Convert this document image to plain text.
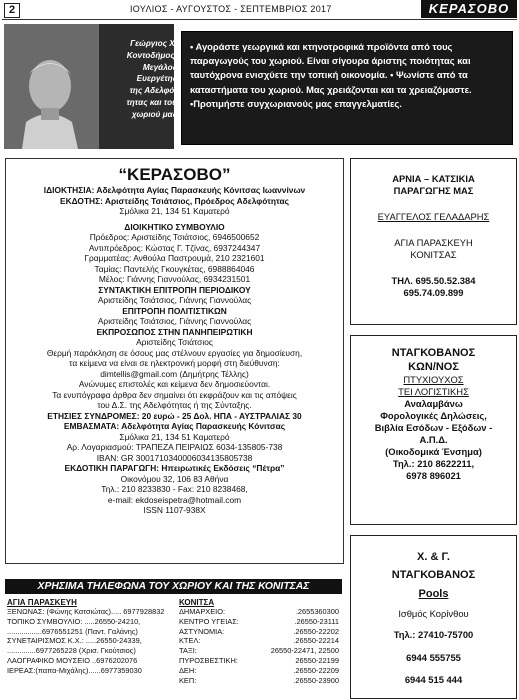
2	ΙΟΥΛΙΟΣ - ΑΥΓΟΥΣΤΟΣ - ΣΕΠΤΕΜΒΡΙΟΣ 2017	ΚΕΡΑΣΟΒΟ
Γεώργιος Χ.
Κοντοδήμος,
Μεγάλος
Ευεργέτης
της Αδελφό-
τητας και του
χωριού μας

• Αγοράστε γεωργικά και κτηνοτροφικά προϊόντα από τους παραγωγούς του χωριού. Είναι σίγουρα άριστης ποιότητας και ταυτόχρονα ενισχύετε την τοπική οικονομία. • Ψωνίστε από τα καταστήματα του χωριού. Μας χρειάζονται και τα χρειαζόμαστε. •Προτιμήστε συγχωριανούς μας επαγγελματίες.

“ΚΕΡΑΣΟΒΟ”
ΙΔΙΟΚΤΗΣΙΑ: Αδελφότητα Αγίας Παρασκευής Κόνιτσας Ιωαννίνων
ΕΚΔΟΤΗΣ: Αριστείδης Τσιάτσιος, Πρόεδρος Αδελφότητας
Σμόλικα 21, 134 51 Καματερό
ΔΙΟΙΚΗΤΙΚΟ ΣΥΜΒΟΥΛΙΟ
Πρόεδρος: Αριστείδης Τσιάτσιος, 6946500652
Αντιπρόεδρος: Κώστας Γ. Τζίνας, 6937244347
Γραμματέας: Ανθούλα Παστρουμά, 210 2321601
Ταμίας: Παντελής Γκουγκέτας, 6988864046
Μέλος: Γιάννης Γιαννούλας, 6934231501
ΣΥΝΤΑΚΤΙΚΗ ΕΠΙΤΡΟΠΗ ΠΕΡΙΟΔΙΚΟΥ
Αριστείδης Τσιάτσιος, Γιάννης Γιαννούλας
ΕΠΙΤΡΟΠΗ ΠΟΛΙΤΙΣΤΙΚΩΝ
Αριστείδης Τσιάτσιος, Γιάννης Γιαννούλας
ΕΚΠΡΟΣΩΠΟΣ ΣΤΗΝ ΠΑΝΗΠΕΙΡΩΤΙΚΗ
Αριστείδης Τσιάτσιος
Θερμή παράκληση σε όσους μας στέλνουν εργασίες για δημοσίευση,
τα κείμενα να είναι σε ηλεκτρονική μορφή στη διεύθυνση:
dimtellis@gmail.com (Δημήτρης Τέλλης)
Ανώνυμες επιστολές και κείμενα δεν δημοσιεύονται.
Τα ενυπόγραφα άρθρα δεν σημαίνει ότι εκφράζουν και τις απόψεις
του Δ.Σ. της Αδελφότητας ή της Σύνταξης.
ΕΤΗΣΙΕΣ ΣΥΝΔΡΟΜΕΣ: 20 ευρώ - 25 Δολ. ΗΠΑ - ΑΥΣΤΡΑΛΙΑΣ 30
ΕΜΒΑΣΜΑΤΑ: Αδελφότητα Αγίας Παρασκευής Κόνιτσας
Σμόλικα 21, 134 51 Καματερό
Αρ. Λογαριασμού: ΤΡΑΠΕΖΑ ΠΕΙΡΑΙΩΣ 6034-135805-738
IBAN: GR 3001710340006034135805738
ΕΚΔΟΤΙΚΗ ΠΑΡΑΓΩΓΗ: Ηπειρωτικές Εκδόσεις “Πέτρα”
Οικονόμου 32, 106 83 Αθήνα
Τηλ.: 210 8233830 - Fax: 210 8238468,
e-mail: ekdoseispetra@hotmail.com
ISSN 1107-938X
ΑΡΝΙΑ – ΚΑΤΣΙΚΙΑ
ΠΑΡΑΓΩΓΗΣ ΜΑΣ
ΕΥΑΓΓΕΛΟΣ ΓΕΛΑΔΑΡΗΣ
ΑΓΙΑ ΠΑΡΑΣΚΕΥΗ
ΚΟΝΙΤΣΑΣ
ΤΗΛ. 695.50.52.384
695.74.09.899
ΝΤΑΓΚΟΒΑΝΟΣ
ΚΩΝ/ΝΟΣ
ΠΤΥΧΙΟΥΧΟΣ
ΤΕΙ ΛΟΓΙΣΤΙΚΗΣ
Αναλαμβάνω
Φορολογικές Δηλώσεις,
Βιβλία Εσόδων - Εξόδων -
Α.Π.Δ.
(Οικοδομικά Ένσημα)
Τηλ.: 210 8622211,
6978 896021
Χ. & Γ.
ΝΤΑΓΚΟΒΑΝΟΣ
Pools
Ισθμός Κορίνθου
Τηλ.: 27410-75700
6944 555755
6944 515 444
ΧΡΗΣΙΜΑ ΤΗΛΕΦΩΝΑ ΤΟΥ ΧΩΡΙΟΥ ΚΑΙ ΤΗΣ ΚΟΝΙΤΣΑΣ
ΑΓΙΑ ΠΑΡΑΣΚΕΥΗ
ΞΕΝΩΝΑΣ: (Φώνης Κατσιώτας)..... 6977928832
ΤΟΠΙΚΟ ΣΥΜΒΟΥΛΙΟ: .....26550-24210,
.................6976551251 (Παντ. Γαλάνης)
ΣΥΝΕΤΑΙΡΙΣΜΟΣ Κ.Χ.: .....26550-24339,
..............6977265228 (Χρισ. Γκούτσιος)
ΛΑΟΓΡΑΦΙΚΟ ΜΟΥΣΕΙΟ ..6976202076
ΙΕΡΕΑΣ:(παπα-Μιχάλης)......6977359030
ΚΟΝΙΤΣΑ
ΔΗΜΑΡΧΕΙΟ:	.2655360300
ΚΕΝΤΡΟ ΥΓΕΙΑΣ:	.26550-23111
ΑΣΤΥΝΟΜΙΑ:	.26550-22202
ΚΤΕΛ:	.26550-22214
ΤΑΞΙ:	26550-22471, 22500
ΠΥΡΟΣΒΕΣΤΙΚΗ:	26550-22199
ΔΕΗ:	.26550-22209
ΚΕΠ:	.26550-23900
